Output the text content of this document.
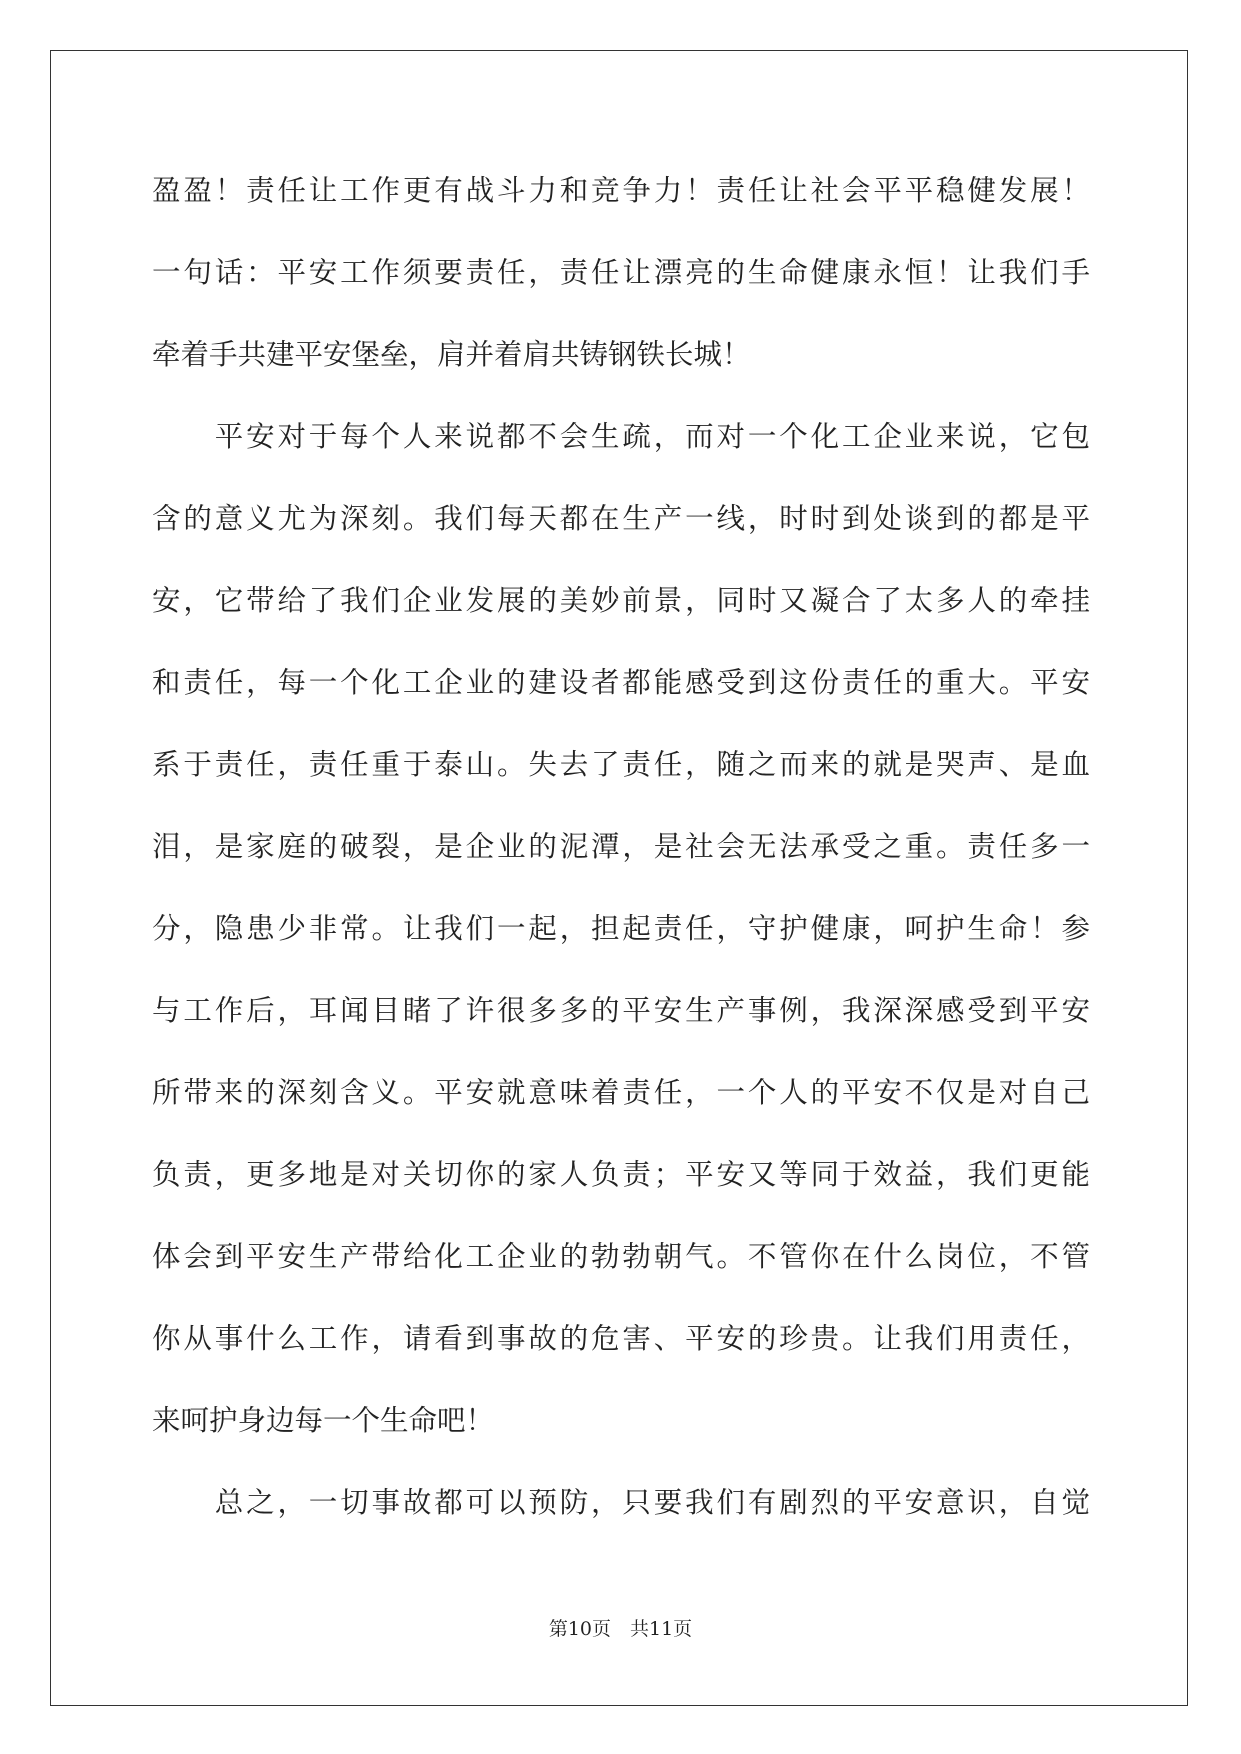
盈盈！责任让工作更有战斗力和竞争力！责任让社会平平稳健发展！
一句话：平安工作须要责任，责任让漂亮的生命健康永恒！让我们手
牵着手共建平安堡垒，肩并着肩共铸钢铁长城！
　　平安对于每个人来说都不会生疏，而对一个化工企业来说，它包
含的意义尤为深刻。我们每天都在生产一线，时时到处谈到的都是平
安，它带给了我们企业发展的美妙前景，同时又凝合了太多人的牵挂
和责任，每一个化工企业的建设者都能感受到这份责任的重大。平安
系于责任，责任重于泰山。失去了责任，随之而来的就是哭声、是血
泪，是家庭的破裂，是企业的泥潭，是社会无法承受之重。责任多一
分，隐患少非常。让我们一起，担起责任，守护健康，呵护生命！参
与工作后，耳闻目睹了许很多多的平安生产事例，我深深感受到平安
所带来的深刻含义。平安就意味着责任，一个人的平安不仅是对自己
负责，更多地是对关切你的家人负责；平安又等同于效益，我们更能
体会到平安生产带给化工企业的勃勃朝气。不管你在什么岗位，不管
你从事什么工作，请看到事故的危害、平安的珍贵。让我们用责任，
来呵护身边每一个生命吧！
　　总之，一切事故都可以预防，只要我们有剧烈的平安意识，自觉
第10页　共11页
